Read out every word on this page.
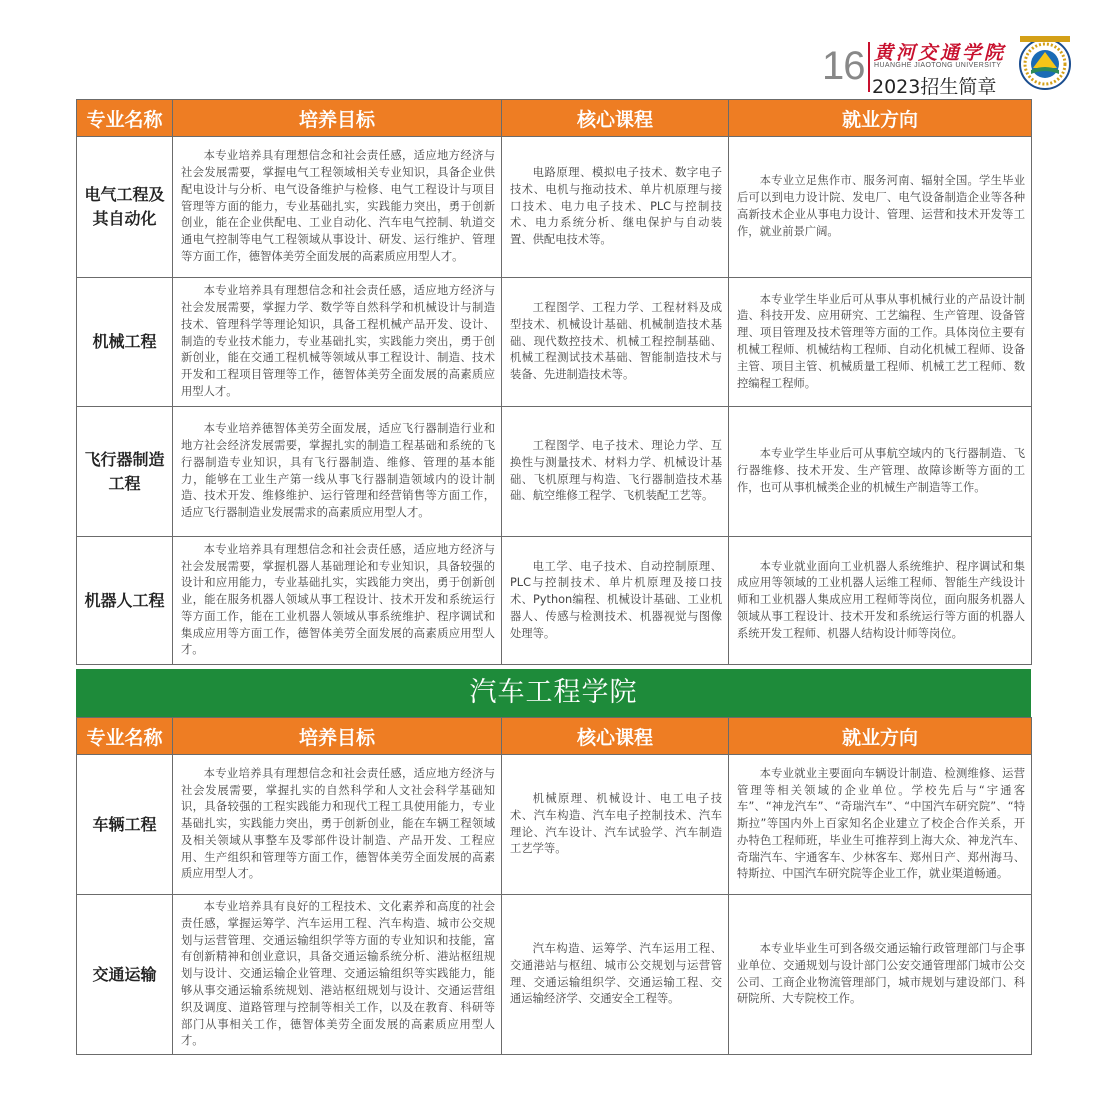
16 黄河交通学院
HUANGHE JIAOTONG UNIVERSITY
2023招生简章
专业名称	培养目标	核心课程	就业方向
电气工程及
其自动化	本专业培养具有理想信念和社会责任感，适应地方经济与社会发展需要，掌握电气工程领域相关专业知识，具备企业供配电设计与分析、电气设备维护与检修、电气工程设计与项目管理等方面的能力，专业基础扎实，实践能力突出，勇于创新创业，能在企业供配电、工业自动化、汽车电气控制、轨道交通电气控制等电气工程领域从事设计、研发、运行维护、管理等方面工作，德智体美劳全面发展的高素质应用型人才。	电路原理、模拟电子技术、数字电子技术、电机与拖动技术、单片机原理与接口技术、电力电子技术、PLC与控制技术、电力系统分析、继电保护与自动装置、供配电技术等。	本专业立足焦作市、服务河南、辐射全国。学生毕业后可以到电力设计院、发电厂、电气设备制造企业等各种高新技术企业从事电力设计、管理、运营和技术开发等工作，就业前景广阔。

机械工程	本专业培养具有理想信念和社会责任感，适应地方经济与社会发展需要，掌握力学、数学等自然科学和机械设计与制造技术、管理科学等理论知识，具备工程机械产品开发、设计、制造的专业技术能力，专业基础扎实，实践能力突出，勇于创新创业，能在交通工程机械等领域从事工程设计、制造、技术开发和工程项目管理等工作，德智体美劳全面发展的高素质应用型人才。	工程图学、工程力学、工程材料及成型技术、机械设计基础、机械制造技术基础、现代数控技术、机械工程控制基础、机械工程测试技术基础、智能制造技术与装备、先进制造技术等。	本专业学生毕业后可从事从事机械行业的产品设计制造、科技开发、应用研究、工艺编程、生产管理、设备管理、项目管理及技术管理等方面的工作。具体岗位主要有机械工程师、机械结构工程师、自动化机械工程师、设备主管、项目主管、机械质量工程师、机械工艺工程师、数控编程工程师。

飞行器制造
工程	本专业培养德智体美劳全面发展，适应飞行器制造行业和地方社会经济发展需要，掌握扎实的制造工程基础和系统的飞行器制造专业知识，具有飞行器制造、维修、管理的基本能力，能够在工业生产第一线从事飞行器制造领域内的设计制造、技术开发、维修维护、运行管理和经营销售等方面工作，适应飞行器制造业发展需求的高素质应用型人才。	工程图学、电子技术、理论力学、互换性与测量技术、材料力学、机械设计基础、飞机原理与构造、飞行器制造技术基础、航空维修工程学、飞机装配工艺等。	本专业学生毕业后可从事航空域内的飞行器制造、飞行器维修、技术开发、生产管理、故障诊断等方面的工作，也可从事机械类企业的机械生产制造等工作。

机器人工程	本专业培养具有理想信念和社会责任感，适应地方经济与社会发展需要，掌握机器人基础理论和专业知识，具备较强的设计和应用能力，专业基础扎实，实践能力突出，勇于创新创业，能在服务机器人领域从事工程设计、技术开发和系统运行等方面工作，能在工业机器人领域从事系统维护、程序调试和集成应用等方面工作，德智体美劳全面发展的高素质应用型人才。	电工学、电子技术、自动控制原理、PLC与控制技术、单片机原理及接口技术、Python编程、机械设计基础、工业机器人、传感与检测技术、机器视觉与图像处理等。	本专业就业面向工业机器人系统维护、程序调试和集成应用等领域的工业机器人运维工程师、智能生产线设计师和工业机器人集成应用工程师等岗位，面向服务机器人领域从事工程设计、技术开发和系统运行等方面的机器人系统开发工程师、机器人结构设计师等岗位。
汽车工程学院
专业名称	培养目标	核心课程	就业方向
车辆工程	本专业培养具有理想信念和社会责任感，适应地方经济与社会发展需要，掌握扎实的自然科学和人文社会科学基础知识，具备较强的工程实践能力和现代工程工具使用能力，专业基础扎实，实践能力突出，勇于创新创业，能在车辆工程领域及相关领域从事整车及零部件设计制造、产品开发、工程应用、生产组织和管理等方面工作，德智体美劳全面发展的高素质应用型人才。	机械原理、机械设计、电工电子技术、汽车构造、汽车电子控制技术、汽车理论、汽车设计、汽车试验学、汽车制造工艺学等。	本专业就业主要面向车辆设计制造、检测维修、运营管理等相关领域的企业单位。学校先后与“宇通客车”、“神龙汽车”、“奇瑞汽车”、“中国汽车研究院”、“特斯拉”等国内外上百家知名企业建立了校企合作关系，开办特色工程师班，毕业生可推荐到上海大众、神龙汽车、奇瑞汽车、宇通客车、少林客车、郑州日产、郑州海马、特斯拉、中国汽车研究院等企业工作，就业渠道畅通。

交通运输	本专业培养具有良好的工程技术、文化素养和高度的社会责任感，掌握运筹学、汽车运用工程、汽车构造、城市公交规划与运营管理、交通运输组织学等方面的专业知识和技能，富有创新精神和创业意识，具备交通运输系统分析、港站枢纽规划与设计、交通运输企业管理、交通运输组织等实践能力，能够从事交通运输系统规划、港站枢纽规划与设计、交通运营组织及调度、道路管理与控制等相关工作，以及在教育、科研等部门从事相关工作，德智体美劳全面发展的高素质应用型人才。	汽车构造、运筹学、汽车运用工程、交通港站与枢纽、城市公交规划与运营管理、交通运输组织学、交通运输工程、交通运输经济学、交通安全工程等。	本专业毕业生可到各级交通运输行政管理部门与企事业单位、交通规划与设计部门公安交通管理部门城市公交公司、工商企业物流管理部门，城市规划与建设部门、科研院所、大专院校工作。
